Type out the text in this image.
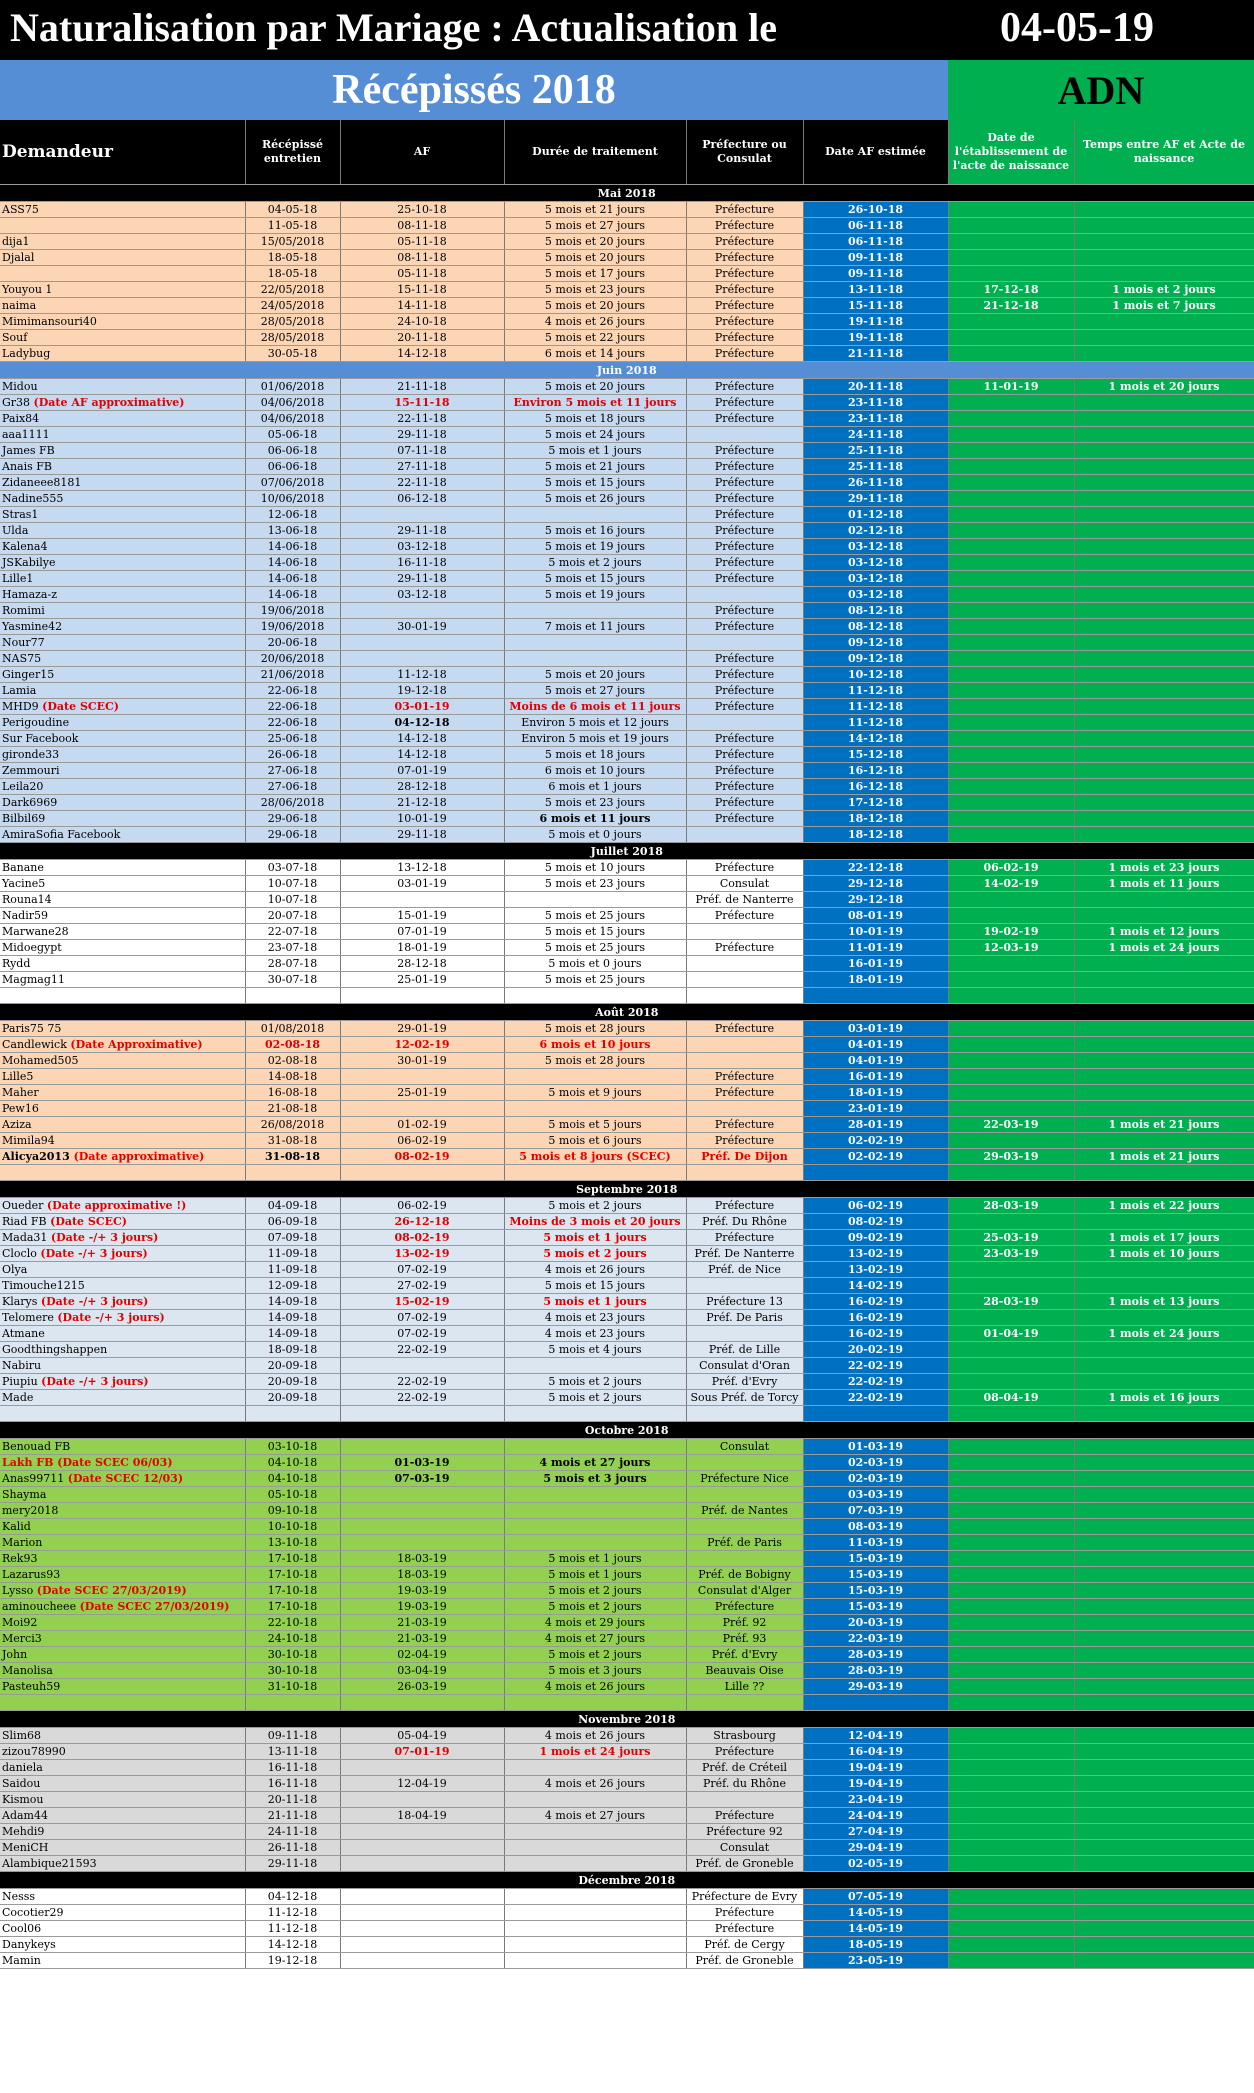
Naturalisation par Mariage : Actualisation le	04-05-19
Récépissés 2018	ADN
Demandeur	Récépissé entretien	AF	Durée de traitement	Préfecture ou Consulat	Date AF estimée	Date de l'établissement de l'acte de naissance	Temps entre AF et Acte de naissance
Mai 2018							
ASS75	04-05-18	25-10-18	5 mois et 21 jours	Préfecture	26-10-18		
	11-05-18	08-11-18	5 mois et 27 jours	Préfecture	06-11-18		
dija1	15/05/2018	05-11-18	5 mois et 20 jours	Préfecture	06-11-18		
Djalal	18-05-18	08-11-18	5 mois et 20 jours	Préfecture	09-11-18		
	18-05-18	05-11-18	5 mois et 17 jours	Préfecture	09-11-18		
Youyou 1	22/05/2018	15-11-18	5 mois et 23 jours	Préfecture	13-11-18	17-12-18	1 mois et 2 jours
naima	24/05/2018	14-11-18	5 mois et 20 jours	Préfecture	15-11-18	21-12-18	1 mois et 7 jours
Mimimansouri40	28/05/2018	24-10-18	4 mois et 26 jours	Préfecture	19-11-18		
Souf	28/05/2018	20-11-18	5 mois et 22 jours	Préfecture	19-11-18		
Ladybug	30-05-18	14-12-18	6 mois et 14 jours	Préfecture	21-11-18		
Juin 2018							
Midou	01/06/2018	21-11-18	5 mois et 20 jours	Préfecture	20-11-18	11-01-19	1 mois et 20 jours
Gr38 (Date AF approximative)	04/06/2018	15-11-18	Environ 5 mois et 11 jours	Préfecture	23-11-18		
Paix84	04/06/2018	22-11-18	5 mois et 18 jours	Préfecture	23-11-18		
aaa1111	05-06-18	29-11-18	5 mois et 24 jours		24-11-18		
James FB	06-06-18	07-11-18	5 mois et 1 jours	Préfecture	25-11-18		
Anais FB	06-06-18	27-11-18	5 mois et 21 jours	Préfecture	25-11-18		
Zidaneee8181	07/06/2018	22-11-18	5 mois et 15 jours	Préfecture	26-11-18		
Nadine555	10/06/2018	06-12-18	5 mois et 26 jours	Préfecture	29-11-18		
Stras1	12-06-18			Préfecture	01-12-18		
Ulda	13-06-18	29-11-18	5 mois et 16 jours	Préfecture	02-12-18		
Kalena4	14-06-18	03-12-18	5 mois et 19 jours	Préfecture	03-12-18		
JSKabilye	14-06-18	16-11-18	5 mois et 2 jours	Préfecture	03-12-18		
Lille1	14-06-18	29-11-18	5 mois et 15 jours	Préfecture	03-12-18		
Hamaza-z	14-06-18	03-12-18	5 mois et 19 jours		03-12-18		
Romimi	19/06/2018			Préfecture	08-12-18		
Yasmine42	19/06/2018	30-01-19	7 mois et 11 jours	Préfecture	08-12-18		
Nour77	20-06-18				09-12-18		
NAS75	20/06/2018			Préfecture	09-12-18		
Ginger15	21/06/2018	11-12-18	5 mois et 20 jours	Préfecture	10-12-18		
Lamia	22-06-18	19-12-18	5 mois et 27 jours	Préfecture	11-12-18		
MHD9 (Date SCEC)	22-06-18	03-01-19	Moins de 6 mois et 11 jours	Préfecture	11-12-18		
Perigoudine	22-06-18	04-12-18	Environ 5 mois et 12 jours		11-12-18		
Sur Facebook	25-06-18	14-12-18	Environ 5 mois et 19 jours	Préfecture	14-12-18		
gironde33	26-06-18	14-12-18	5 mois et 18 jours	Préfecture	15-12-18		
Zemmouri	27-06-18	07-01-19	6 mois et 10 jours	Préfecture	16-12-18		
Leila20	27-06-18	28-12-18	6 mois et 1 jours	Préfecture	16-12-18		
Dark6969	28/06/2018	21-12-18	5 mois et 23 jours	Préfecture	17-12-18		
Bilbil69	29-06-18	10-01-19	6 mois et 11 jours	Préfecture	18-12-18		
AmiraSofia Facebook	29-06-18	29-11-18	5 mois et 0 jours		18-12-18		
Juillet 2018							
Banane	03-07-18	13-12-18	5 mois et 10 jours	Préfecture	22-12-18	06-02-19	1 mois et 23 jours
Yacine5	10-07-18	03-01-19	5 mois et 23 jours	Consulat	29-12-18	14-02-19	1 mois et 11 jours
Rouna14	10-07-18			Préf. de Nanterre	29-12-18		
Nadir59	20-07-18	15-01-19	5 mois et 25 jours	Préfecture	08-01-19		
Marwane28	22-07-18	07-01-19	5 mois et 15 jours		10-01-19	19-02-19	1 mois et 12 jours
Midoegypt	23-07-18	18-01-19	5 mois et 25 jours	Préfecture	11-01-19	12-03-19	1 mois et 24 jours
Rydd	28-07-18	28-12-18	5 mois et 0 jours		16-01-19		
Magmag11	30-07-18	25-01-19	5 mois et 25 jours		18-01-19		

Août 2018							
Paris75 75	01/08/2018	29-01-19	5 mois et 28 jours	Préfecture	03-01-19		
Candlewick (Date Approximative)	02-08-18	12-02-19	6 mois et 10 jours		04-01-19		
Mohamed505	02-08-18	30-01-19	5 mois et 28 jours		04-01-19		
Lille5	14-08-18			Préfecture	16-01-19		
Maher	16-08-18	25-01-19	5 mois et 9 jours	Préfecture	18-01-19		
Pew16	21-08-18				23-01-19		
Aziza	26/08/2018	01-02-19	5 mois et 5 jours	Préfecture	28-01-19	22-03-19	1 mois et 21 jours
Mimila94	31-08-18	06-02-19	5 mois et 6 jours	Préfecture	02-02-19		
Alicya2013 (Date approximative)	31-08-18	08-02-19	5 mois et 8 jours (SCEC)	Préf. De Dijon	02-02-19	29-03-19	1 mois et 21 jours

Septembre 2018							
Oueder (Date approximative !)	04-09-18	06-02-19	5 mois et 2 jours	Préfecture	06-02-19	28-03-19	1 mois et 22 jours
Riad FB (Date SCEC)	06-09-18	26-12-18	Moins de 3 mois et 20 jours	Préf. Du Rhône	08-02-19		
Mada31 (Date -/+ 3 jours)	07-09-18	08-02-19	5 mois et 1 jours	Préfecture	09-02-19	25-03-19	1 mois et 17 jours
Cloclo (Date -/+ 3 jours)	11-09-18	13-02-19	5 mois et 2 jours	Préf. De Nanterre	13-02-19	23-03-19	1 mois et 10 jours
Olya	11-09-18	07-02-19	4 mois et 26 jours	Préf. de Nice	13-02-19		
Timouche1215	12-09-18	27-02-19	5 mois et 15 jours		14-02-19		
Klarys (Date -/+ 3 jours)	14-09-18	15-02-19	5 mois et 1 jours	Préfecture 13	16-02-19	28-03-19	1 mois et 13 jours
Telomere (Date -/+ 3 jours)	14-09-18	07-02-19	4 mois et 23 jours	Préf. De Paris	16-02-19		
Atmane	14-09-18	07-02-19	4 mois et 23 jours		16-02-19	01-04-19	1 mois et 24 jours
Goodthingshappen	18-09-18	22-02-19	5 mois et 4 jours	Préf. de Lille	20-02-19		
Nabiru	20-09-18			Consulat d'Oran	22-02-19		
Piupiu (Date -/+ 3 jours)	20-09-18	22-02-19	5 mois et 2 jours	Préf. d'Evry	22-02-19		
Made	20-09-18	22-02-19	5 mois et 2 jours	Sous Préf. de Torcy	22-02-19	08-04-19	1 mois et 16 jours

Octobre 2018							
Benouad FB	03-10-18			Consulat	01-03-19		
Lakh FB (Date SCEC 06/03)	04-10-18	01-03-19	4 mois et 27 jours		02-03-19		
Anas99711 (Date SCEC 12/03)	04-10-18	07-03-19	5 mois et 3 jours	Préfecture Nice	02-03-19		
Shayma	05-10-18				03-03-19		
mery2018	09-10-18			Préf. de Nantes	07-03-19		
Kalid	10-10-18				08-03-19		
Marion	13-10-18			Préf. de Paris	11-03-19		
Rek93	17-10-18	18-03-19	5 mois et 1 jours		15-03-19		
Lazarus93	17-10-18	18-03-19	5 mois et 1 jours	Préf. de Bobigny	15-03-19		
Lysso (Date SCEC 27/03/2019)	17-10-18	19-03-19	5 mois et 2 jours	Consulat d'Alger	15-03-19		
aminoucheee (Date SCEC 27/03/2019)	17-10-18	19-03-19	5 mois et 2 jours	Préfecture	15-03-19		
Moi92	22-10-18	21-03-19	4 mois et 29 jours	Préf. 92	20-03-19		
Merci3	24-10-18	21-03-19	4 mois et 27 jours	Préf. 93	22-03-19		
John	30-10-18	02-04-19	5 mois et 2 jours	Préf. d'Evry	28-03-19		
Manolisa	30-10-18	03-04-19	5 mois et 3 jours	Beauvais Oise	28-03-19		
Pasteuh59	31-10-18	26-03-19	4 mois et 26 jours	Lille ??	29-03-19		

Novembre 2018							
Slim68	09-11-18	05-04-19	4 mois et 26 jours	Strasbourg	12-04-19		
zizou78990	13-11-18	07-01-19	1 mois et 24 jours	Préfecture	16-04-19		
daniela	16-11-18			Préf. de Créteil	19-04-19		
Saidou	16-11-18	12-04-19	4 mois et 26 jours	Préf. du Rhône	19-04-19		
Kismou	20-11-18				23-04-19		
Adam44	21-11-18	18-04-19	4 mois et 27 jours	Préfecture	24-04-19		
Mehdi9	24-11-18			Préfecture 92	27-04-19		
MeniCH	26-11-18			Consulat	29-04-19		
Alambique21593	29-11-18			Préf. de Groneble	02-05-19		
Décembre 2018							
Nesss	04-12-18			Préfecture de Evry	07-05-19		
Cocotier29	11-12-18			Préfecture	14-05-19		
Cool06	11-12-18			Préfecture	14-05-19		
Danykeys	14-12-18			Préf. de Cergy	18-05-19		
Mamin	19-12-18			Préf. de Groneble	23-05-19		
